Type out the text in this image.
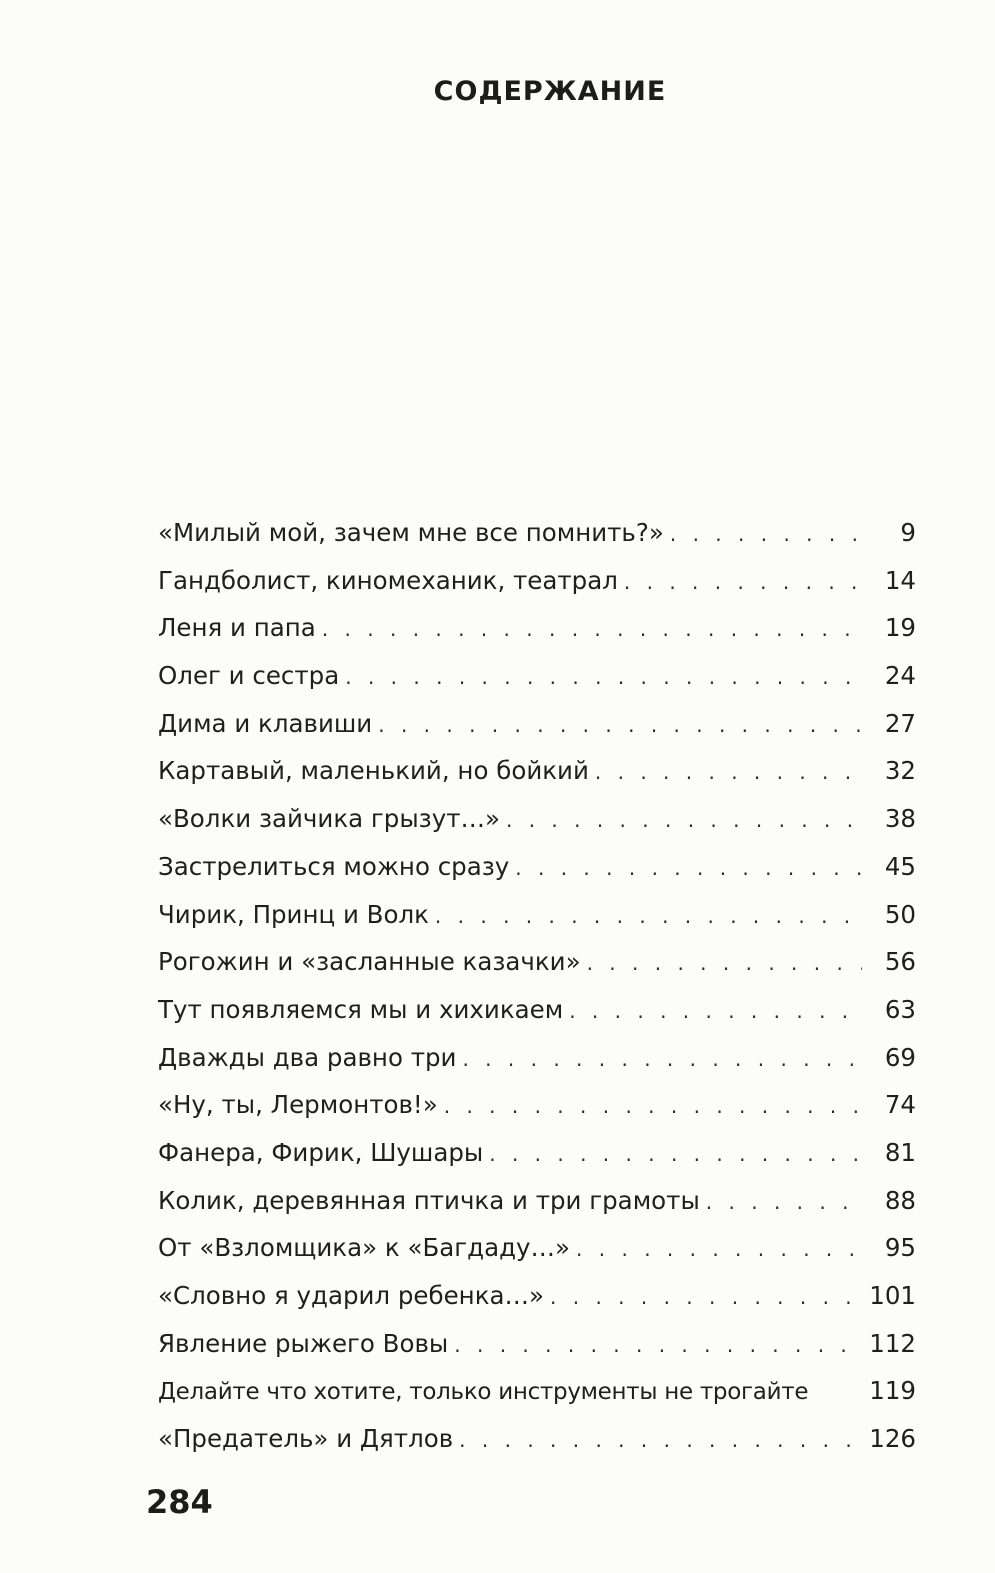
СОДЕРЖАНИЕ
«Милый мой, зачем мне все помнить?» . . .	9
Гандболист, киномеханик, театрал . . .	14
Леня и папа . . .	19
Олег и сестра . . .	24
Дима и клавиши . . .	27
Картавый, маленький, но бойкий . . .	32
«Волки зайчика грызут…» . . .	38
Застрелиться можно сразу . . .	45
Чирик, Принц и Волк . . .	50
Рогожин и «засланные казачки» . . .	56
Тут появляемся мы и хихикаем . . .	63
Дважды два равно три . . .	69
«Ну, ты, Лермонтов!» . . .	74
Фанера, Фирик, Шушары . . .	81
Колик, деревянная птичка и три грамоты . . .	88
От «Взломщика» к «Багдаду…» . . .	95
«Словно я ударил ребенка…» . . .	101
Явление рыжего Вовы . . .	112
Делайте что хотите, только инструменты не трогайте	119
«Предатель» и Дятлов . . .	126
284
